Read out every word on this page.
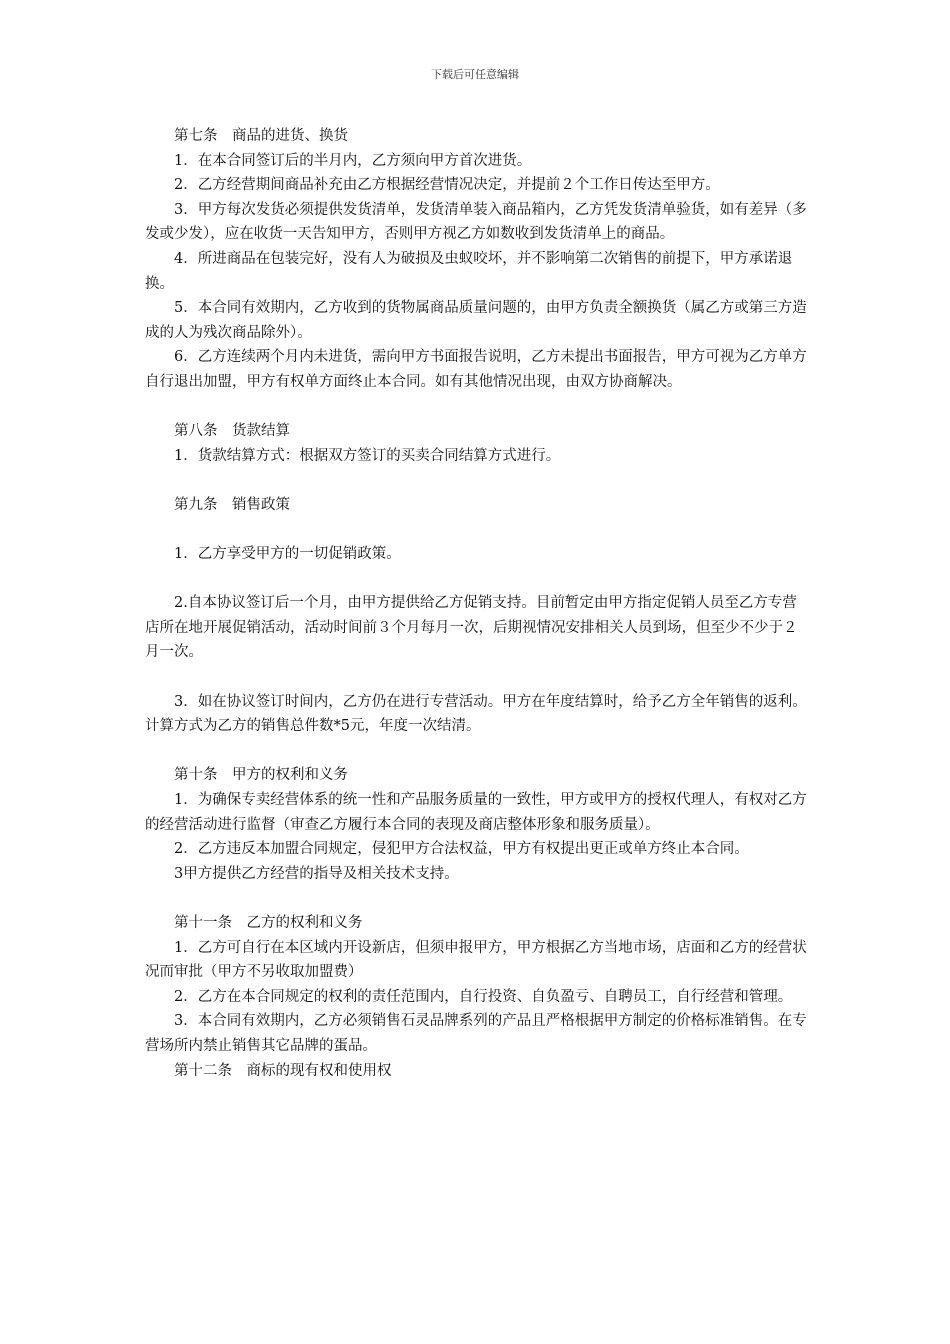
下载后可任意编辑
第七条　商品的进货、换货
1．在本合同签订后的半月内，乙方须向甲方首次进货。
2．乙方经营期间商品补充由乙方根据经营情况决定，并提前２个工作日传达至甲方。
3．甲方每次发货必须提供发货清单，发货清单装入商品箱内，乙方凭发货清单验货，如有差异（多发或少发），应在收货一天告知甲方，否则甲方视乙方如数收到发货清单上的商品。
4．所进商品在包装完好，没有人为破损及虫蚁咬坏，并不影响第二次销售的前提下，甲方承诺退换。
5．本合同有效期内，乙方收到的货物属商品质量问题的，由甲方负责全额换货（属乙方或第三方造成的人为残次商品除外）。
6．乙方连续两个月内未进货，需向甲方书面报告说明，乙方未提出书面报告，甲方可视为乙方单方自行退出加盟，甲方有权单方面终止本合同。如有其他情况出现，由双方协商解决。
第八条　货款结算
1．货款结算方式：根据双方签订的买卖合同结算方式进行。
第九条　销售政策
1．乙方享受甲方的一切促销政策。
2.自本协议签订后一个月，由甲方提供给乙方促销支持。目前暂定由甲方指定促销人员至乙方专营店所在地开展促销活动，活动时间前３个月每月一次，后期视情况安排相关人员到场，但至少不少于２月一次。
3．如在协议签订时间内，乙方仍在进行专营活动。甲方在年度结算时，给予乙方全年销售的返利。计算方式为乙方的销售总件数*5元，年度一次结清。
第十条　甲方的权利和义务
1．为确保专卖经营体系的统一性和产品服务质量的一致性，甲方或甲方的授权代理人，有权对乙方的经营活动进行监督（审查乙方履行本合同的表现及商店整体形象和服务质量）。
2．乙方违反本加盟合同规定，侵犯甲方合法权益，甲方有权提出更正或单方终止本合同。
3甲方提供乙方经营的指导及相关技术支持。
第十一条　乙方的权利和义务
1．乙方可自行在本区域内开设新店，但须申报甲方，甲方根据乙方当地市场，店面和乙方的经营状况而审批（甲方不另收取加盟费）
2．乙方在本合同规定的权利的责任范围内，自行投资、自负盈亏、自聘员工，自行经营和管理。
3．本合同有效期内，乙方必须销售石灵品牌系列的产品且严格根据甲方制定的价格标准销售。在专营场所内禁止销售其它品牌的蛋品。
第十二条　商标的现有权和使用权
